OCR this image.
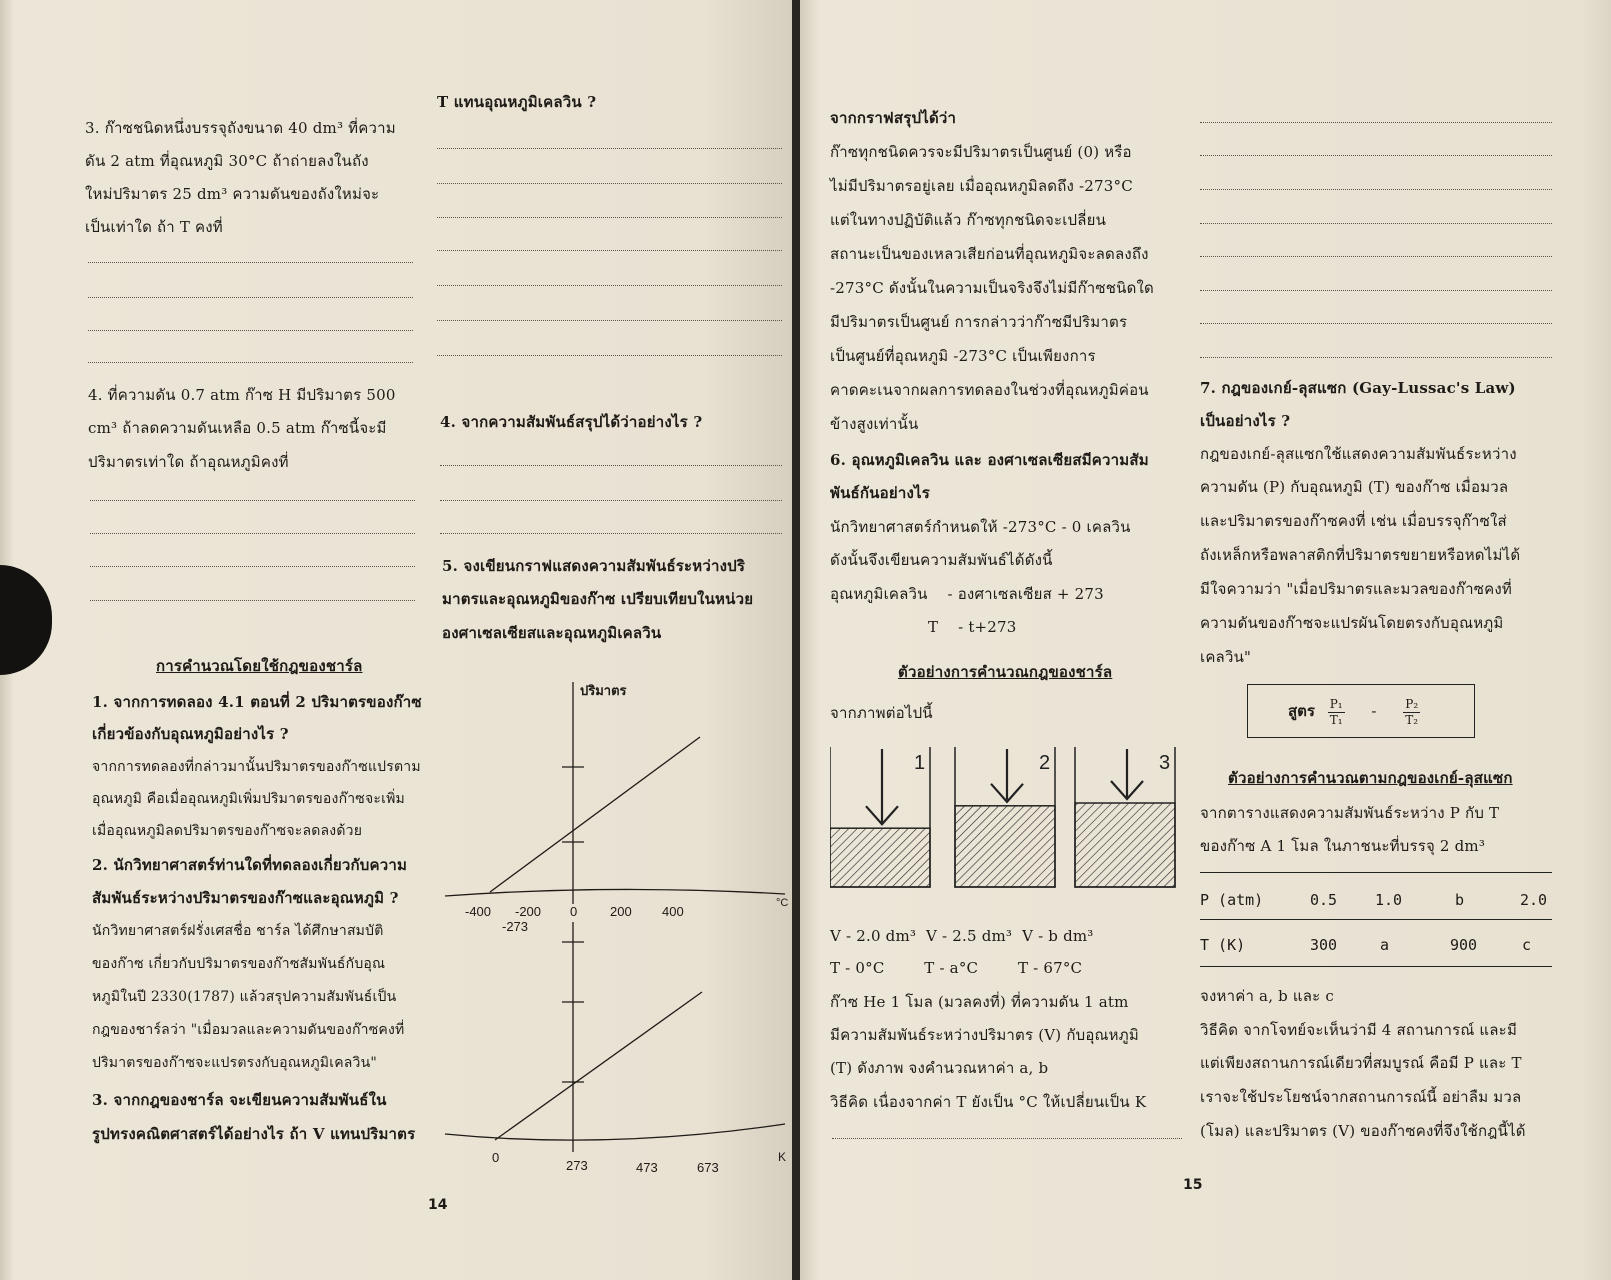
3. ก๊าซชนิดหนึ่งบรรจุถังขนาด 40 dm³ ที่ความ
ดัน 2 atm ที่อุณหภูมิ 30°C ถ้าถ่ายลงในถัง
ใหม่ปริมาตร 25 dm³ ความดันของถังใหม่จะ
เป็นเท่าใด ถ้า T คงที่
4. ที่ความดัน 0.7 atm ก๊าซ H มีปริมาตร 500
cm³ ถ้าลดความดันเหลือ 0.5 atm ก๊าซนี้จะมี
ปริมาตรเท่าใด ถ้าอุณหภูมิคงที่
การคำนวณโดยใช้กฎของชาร์ล
1. จากการทดลอง 4.1 ตอนที่ 2 ปริมาตรของก๊าซ
เกี่ยวข้องกับอุณหภูมิอย่างไร ?
จากการทดลองที่กล่าวมานั้นปริมาตรของก๊าซแปรตาม
อุณหภูมิ คือเมื่ออุณหภูมิเพิ่มปริมาตรของก๊าซจะเพิ่ม
เมื่ออุณหภูมิลดปริมาตรของก๊าซจะลดลงด้วย
2. นักวิทยาศาสตร์ท่านใดที่ทดลองเกี่ยวกับความ
สัมพันธ์ระหว่างปริมาตรของก๊าซและอุณหภูมิ ?
นักวิทยาศาสตร์ฝรั่งเศสชื่อ ชาร์ล ได้ศึกษาสมบัติ
ของก๊าซ เกี่ยวกับปริมาตรของก๊าซสัมพันธ์กับอุณ
หภูมิในปี 2330(1787) แล้วสรุปความสัมพันธ์เป็น
กฎของชาร์ลว่า "เมื่อมวลและความดันของก๊าซคงที่
ปริมาตรของก๊าซจะแปรตรงกับอุณหภูมิเคลวิน"
3. จากกฎของชาร์ล จะเขียนความสัมพันธ์ใน
รูปทรงคณิตศาสตร์ได้อย่างไร ถ้า V แทนปริมาตร
T แทนอุณหภูมิเคลวิน ?
4. จากความสัมพันธ์สรุปได้ว่าอย่างไร ?
5. จงเขียนกราฟแสดงความสัมพันธ์ระหว่างปริ
มาตรและอุณหภูมิของก๊าซ เปรียบเทียบในหน่วย
องศาเซลเซียสและอุณหภูมิเคลวิน
ปริมาตร
-400 -200 0	200 400
-273
°C
0
273	473	673
K
14
จากกราฟสรุปได้ว่า
ก๊าซทุกชนิดควรจะมีปริมาตรเป็นศูนย์ (0) หรือ
ไม่มีปริมาตรอยู่เลย เมื่ออุณหภูมิลดถึง -273°C
แต่ในทางปฏิบัติแล้ว ก๊าซทุกชนิดจะเปลี่ยน
สถานะเป็นของเหลวเสียก่อนที่อุณหภูมิจะลดลงถึง
-273°C ดังนั้นในความเป็นจริงจึงไม่มีก๊าซชนิดใด
มีปริมาตรเป็นศูนย์ การกล่าวว่าก๊าซมีปริมาตร
เป็นศูนย์ที่อุณหภูมิ -273°C เป็นเพียงการ
คาดคะเนจากผลการทดลองในช่วงที่อุณหภูมิค่อน
ข้างสูงเท่านั้น
6. อุณหภูมิเคลวิน และ องศาเซลเซียสมีความสัม
พันธ์กันอย่างไร
นักวิทยาศาสตร์กำหนดให้ -273°C - 0 เคลวิน
ดังนั้นจึงเขียนความสัมพันธ์ได้ดังนี้
อุณหภูมิเคลวิน    - องศาเซลเซียส + 273
T    - t+273
ตัวอย่างการคำนวณกฎของชาร์ล
จากภาพต่อไปนี้
1	2	3
V - 2.0 dm³  V - 2.5 dm³  V - b dm³
T - 0°C        T - a°C        T - 67°C
ก๊าซ He 1 โมล (มวลคงที่) ที่ความดัน 1 atm
มีความสัมพันธ์ระหว่างปริมาตร (V) กับอุณหภูมิ
(T) ดังภาพ จงคำนวณหาค่า a, b
วิธีคิด เนื่องจากค่า T ยังเป็น °C ให้เปลี่ยนเป็น K
15
7. กฎของเกย์-ลุสแซก (Gay-Lussac's Law)
เป็นอย่างไร ?
กฎของเกย์-ลุสแซกใช้แสดงความสัมพันธ์ระหว่าง
ความดัน (P) กับอุณหภูมิ (T) ของก๊าซ เมื่อมวล
และปริมาตรของก๊าซคงที่ เช่น เมื่อบรรจุก๊าซใส่
ถังเหล็กหรือพลาสติกที่ปริมาตรขยายหรือหดไม่ได้
มีใจความว่า "เมื่อปริมาตรและมวลของก๊าซคงที่
ความดันของก๊าซจะแปรผันโดยตรงกับอุณหภูมิ
เคลวิน"
สูตร $\frac{\text{P₁}}{\text{T₁}} - \frac{\text{P₂}}{\text{T₂}}$
ตัวอย่างการคำนวณตามกฎของเกย์-ลุสแซก
จากตารางแสดงความสัมพันธ์ระหว่าง P กับ T
ของก๊าซ A 1 โมล ในภาชนะที่บรรจุ 2 dm³
P (atm)	0.5	1.0	b	2.0
T (K)	300	a	900	c
จงหาค่า a, b และ c
วิธีคิด จากโจทย์จะเห็นว่ามี 4 สถานการณ์ และมี
แต่เพียงสถานการณ์เดียวที่สมบูรณ์ คือมี P และ T
เราจะใช้ประโยชน์จากสถานการณ์นี้ อย่าลืม มวล
(โมล) และปริมาตร (V) ของก๊าซคงที่จึงใช้กฎนี้ได้
